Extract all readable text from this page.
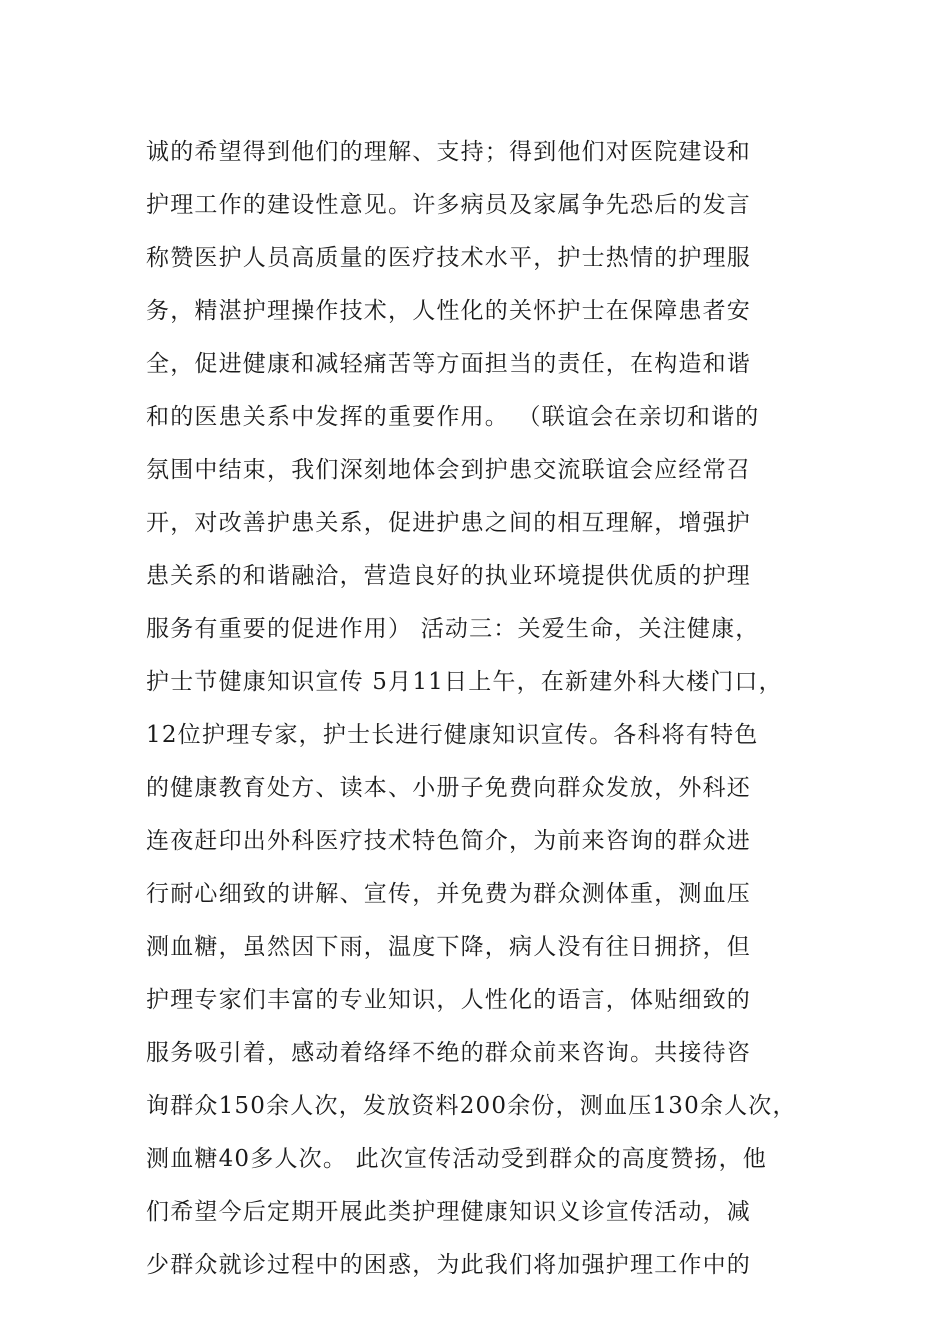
诚的希望得到他们的理解、支持；得到他们对医院建设和
护理工作的建设性意见。许多病员及家属争先恐后的发言
称赞医护人员高质量的医疗技术水平，护士热情的护理服
务，精湛护理操作技术，人性化的关怀护士在保障患者安
全，促进健康和减轻痛苦等方面担当的责任，在构造和谐
和的医患关系中发挥的重要作用。 （联谊会在亲切和谐的
氛围中结束，我们深刻地体会到护患交流联谊会应经常召
开，对改善护患关系，促进护患之间的相互理解，增强护
患关系的和谐融洽，营造良好的执业环境提供优质的护理
服务有重要的促进作用） 活动三：关爱生命，关注健康，
护士节健康知识宣传 5月11日上午，在新建外科大楼门口，
12位护理专家，护士长进行健康知识宣传。各科将有特色
的健康教育处方、读本、小册子免费向群众发放，外科还
连夜赶印出外科医疗技术特色简介，为前来咨询的群众进
行耐心细致的讲解、宣传，并免费为群众测体重，测血压
测血糖，虽然因下雨，温度下降，病人没有往日拥挤，但
护理专家们丰富的专业知识，人性化的语言，体贴细致的
服务吸引着，感动着络绎不绝的群众前来咨询。共接待咨
询群众150余人次，发放资料200余份，测血压130余人次，
测血糖40多人次。 此次宣传活动受到群众的高度赞扬，他
们希望今后定期开展此类护理健康知识义诊宣传活动，减
少群众就诊过程中的困惑，为此我们将加强护理工作中的
